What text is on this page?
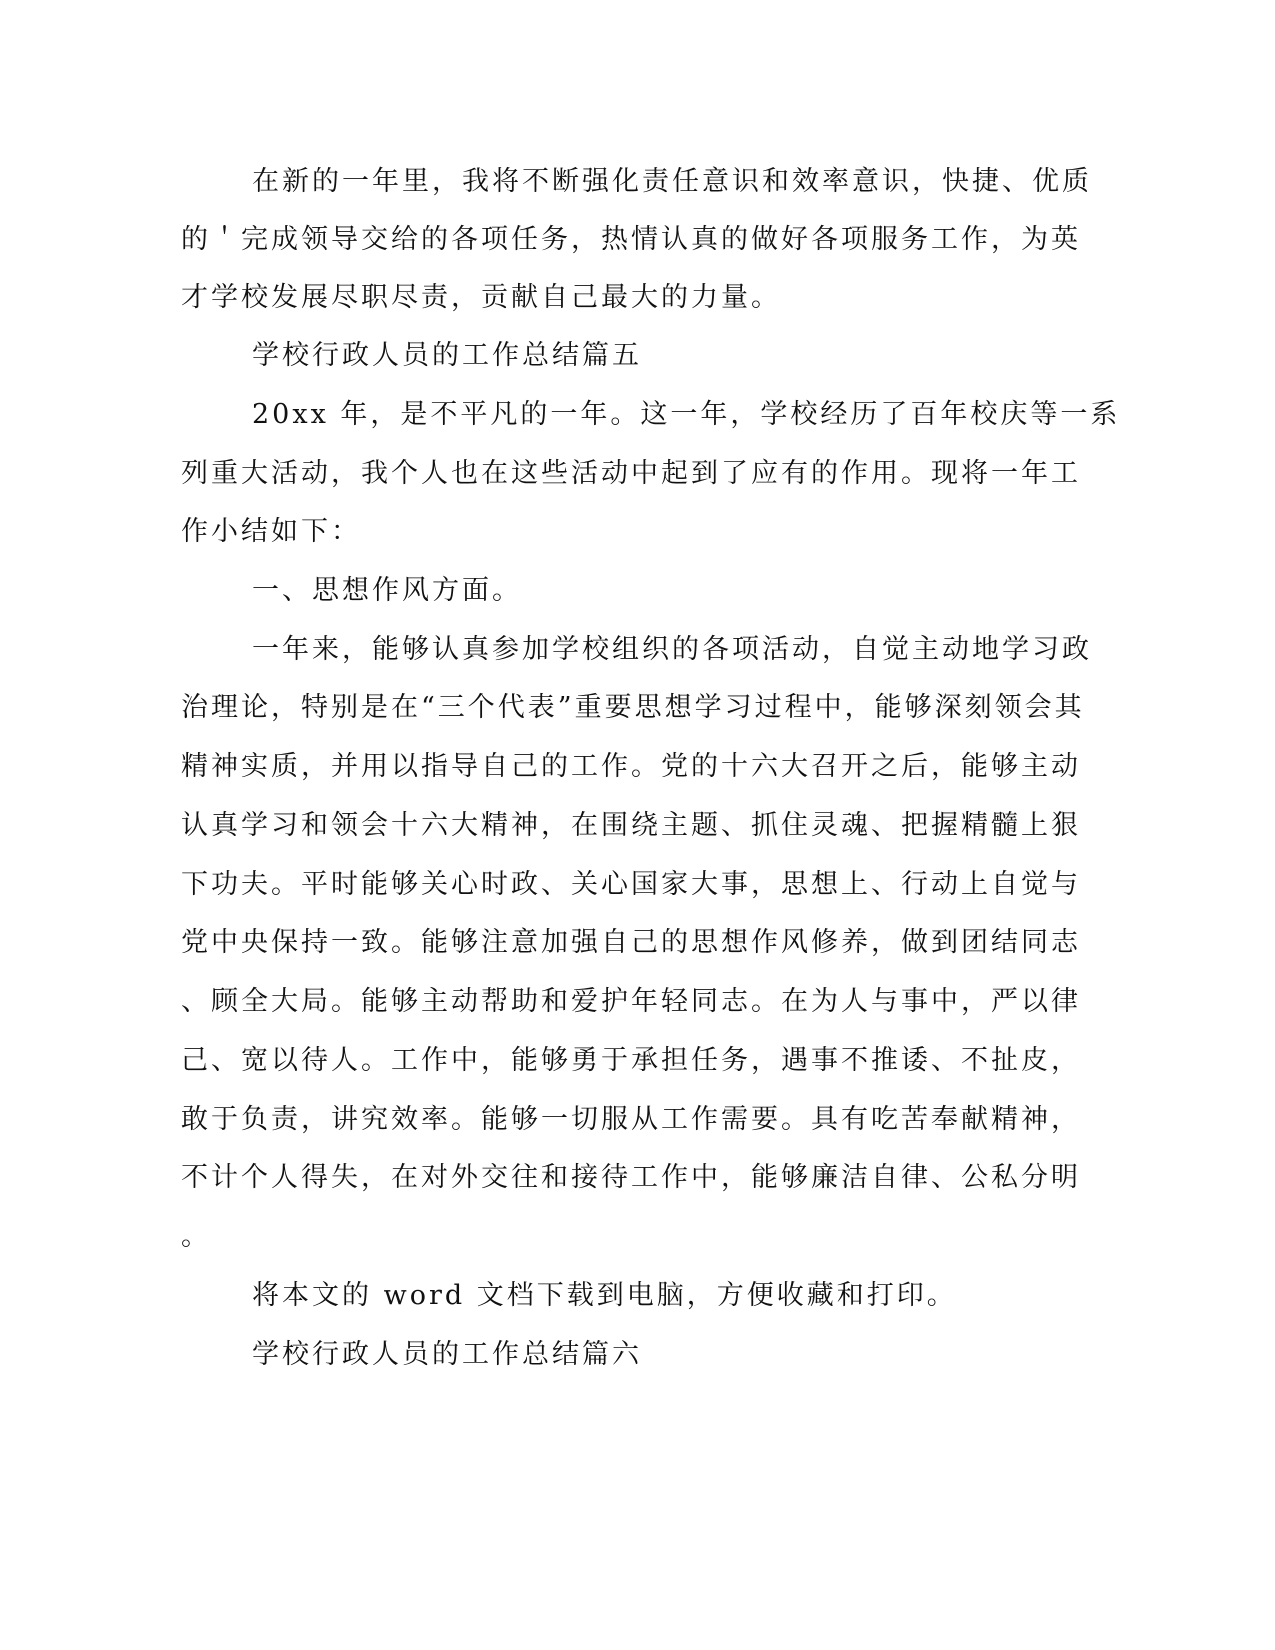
在新的一年里，我将不断强化责任意识和效率意识，快捷、优质
的＇完成领导交给的各项任务，热情认真的做好各项服务工作，为英
才学校发展尽职尽责，贡献自己最大的力量。
学校行政人员的工作总结篇五
20xx 年，是不平凡的一年。这一年，学校经历了百年校庆等一系
列重大活动，我个人也在这些活动中起到了应有的作用。现将一年工
作小结如下：
一、思想作风方面。
一年来，能够认真参加学校组织的各项活动，自觉主动地学习政
治理论，特别是在“三个代表”重要思想学习过程中，能够深刻领会其
精神实质，并用以指导自己的工作。党的十六大召开之后，能够主动
认真学习和领会十六大精神，在围绕主题、抓住灵魂、把握精髓上狠
下功夫。平时能够关心时政、关心国家大事，思想上、行动上自觉与
党中央保持一致。能够注意加强自己的思想作风修养，做到团结同志
、顾全大局。能够主动帮助和爱护年轻同志。在为人与事中，严以律
己、宽以待人。工作中，能够勇于承担任务，遇事不推诿、不扯皮，
敢于负责，讲究效率。能够一切服从工作需要。具有吃苦奉献精神，
不计个人得失，在对外交往和接待工作中，能够廉洁自律、公私分明
。
将本文的 word 文档下载到电脑，方便收藏和打印。
学校行政人员的工作总结篇六
